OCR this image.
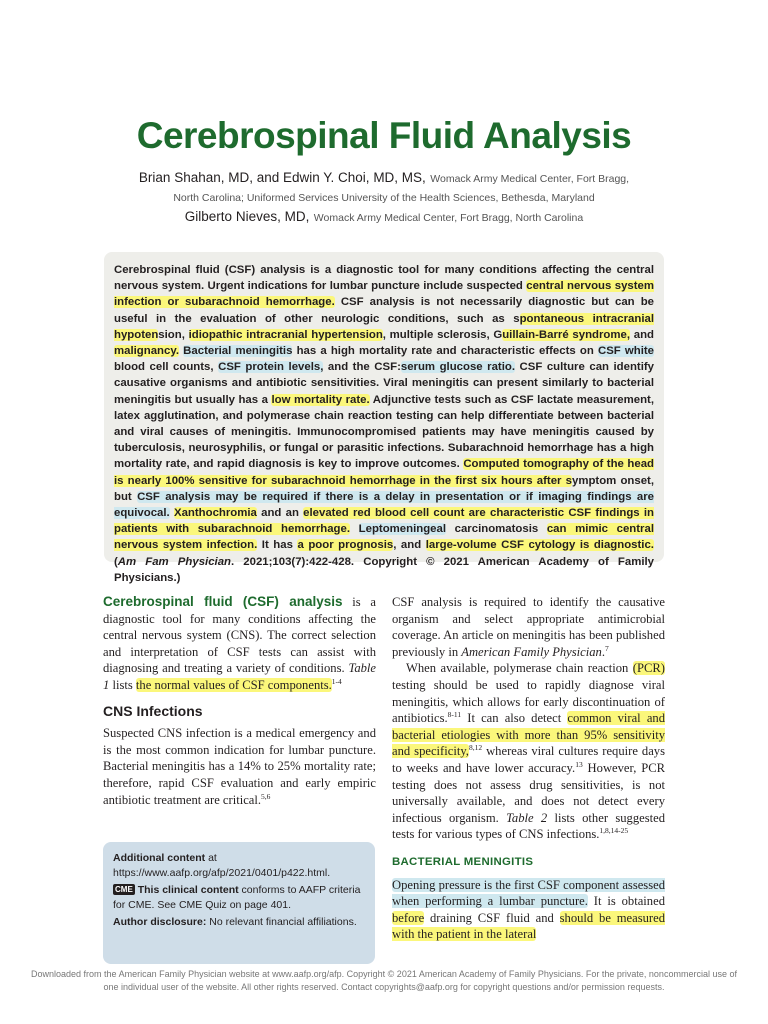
Cerebrospinal Fluid Analysis
Brian Shahan, MD, and Edwin Y. Choi, MD, MS, Womack Army Medical Center, Fort Bragg,
North Carolina; Uniformed Services University of the Health Sciences, Bethesda, Maryland
Gilberto Nieves, MD, Womack Army Medical Center, Fort Bragg, North Carolina

Cerebrospinal fluid (CSF) analysis is a diagnostic tool for many conditions affecting the central nervous system. Urgent indications for lumbar puncture include suspected central nervous system infection or subarachnoid hemorrhage. CSF analysis is not necessarily diagnostic but can be useful in the evaluation of other neurologic conditions, such as spontaneous intracranial hypotension, idiopathic intracranial hypertension, multiple sclerosis, Guillain-Barré syndrome, and malignancy. Bacterial meningitis has a high mortality rate and characteristic effects on CSF white blood cell counts, CSF protein levels, and the CSF:serum glucose ratio. CSF culture can identify causative organisms and antibiotic sensitivities. Viral meningitis can present similarly to bacterial meningitis but usually has a low mortality rate. Adjunctive tests such as CSF lactate measurement, latex agglutination, and polymerase chain reaction testing can help differentiate between bacterial and viral causes of meningitis. Immunocompromised patients may have meningitis caused by tuberculosis, neurosyphilis, or fungal or parasitic infections. Subarachnoid hemorrhage has a high mortality rate, and rapid diagnosis is key to improve outcomes. Computed tomography of the head is nearly 100% sensitive for subarachnoid hemorrhage in the first six hours after symptom onset, but CSF analysis may be required if there is a delay in presentation or if imaging findings are equivocal. Xanthochromia and an elevated red blood cell count are characteristic CSF findings in patients with subarachnoid hemorrhage. Leptomeningeal carcinomatosis can mimic central nervous system infection. It has a poor prognosis, and large-volume CSF cytology is diagnostic. (Am Fam Physician. 2021;103(7):422-428. Copyright © 2021 American Academy of Family Physicians.)

Cerebrospinal fluid (CSF) analysis is a diagnostic tool for many conditions affecting the central nervous system (CNS). The correct selection and interpretation of CSF tests can assist with diagnosing and treating a variety of conditions. Table 1 lists the normal values of CSF components.$^{1-4}$

CNS Infections

Suspected CNS infection is a medical emergency and is the most common indication for lumbar puncture. Bacterial meningitis has a 14% to 25% mortality rate; therefore, rapid CSF evaluation and early empiric antibiotic treatment are critical.$^{5,6}$

Additional content at https://www.aafp.org/afp/2021/0401/p422.html.

CME This clinical content conforms to AAFP criteria for CME. See CME Quiz on page 401.

Author disclosure: No relevant financial affiliations.

CSF analysis is required to identify the causative organism and select appropriate antimicrobial coverage. An article on meningitis has been published previously in American Family Physician.$^7$

When available, polymerase chain reaction (PCR) testing should be used to rapidly diagnose viral meningitis, which allows for early discontinuation of antibiotics.$^{8-11}$ It can also detect common viral and bacterial etiologies with more than 95% sensitivity and specificity,$^{8,12}$ whereas viral cultures require days to weeks and have lower accuracy.$^{13}$ However, PCR testing does not assess drug sensitivities, is not universally available, and does not detect every infectious organism. Table 2 lists other suggested tests for various types of CNS infections.$^{1,8,14-25}$

BACTERIAL MENINGITIS

Opening pressure is the first CSF component assessed when performing a lumbar puncture. It is obtained before draining CSF fluid and should be measured with the patient in the lateral

Downloaded from the American Family Physician website at www.aafp.org/afp. Copyright © 2021 American Academy of Family Physicians. For the private, noncommercial use of one individual user of the website. All other rights reserved. Contact copyrights@aafp.org for copyright questions and/or permission requests.
